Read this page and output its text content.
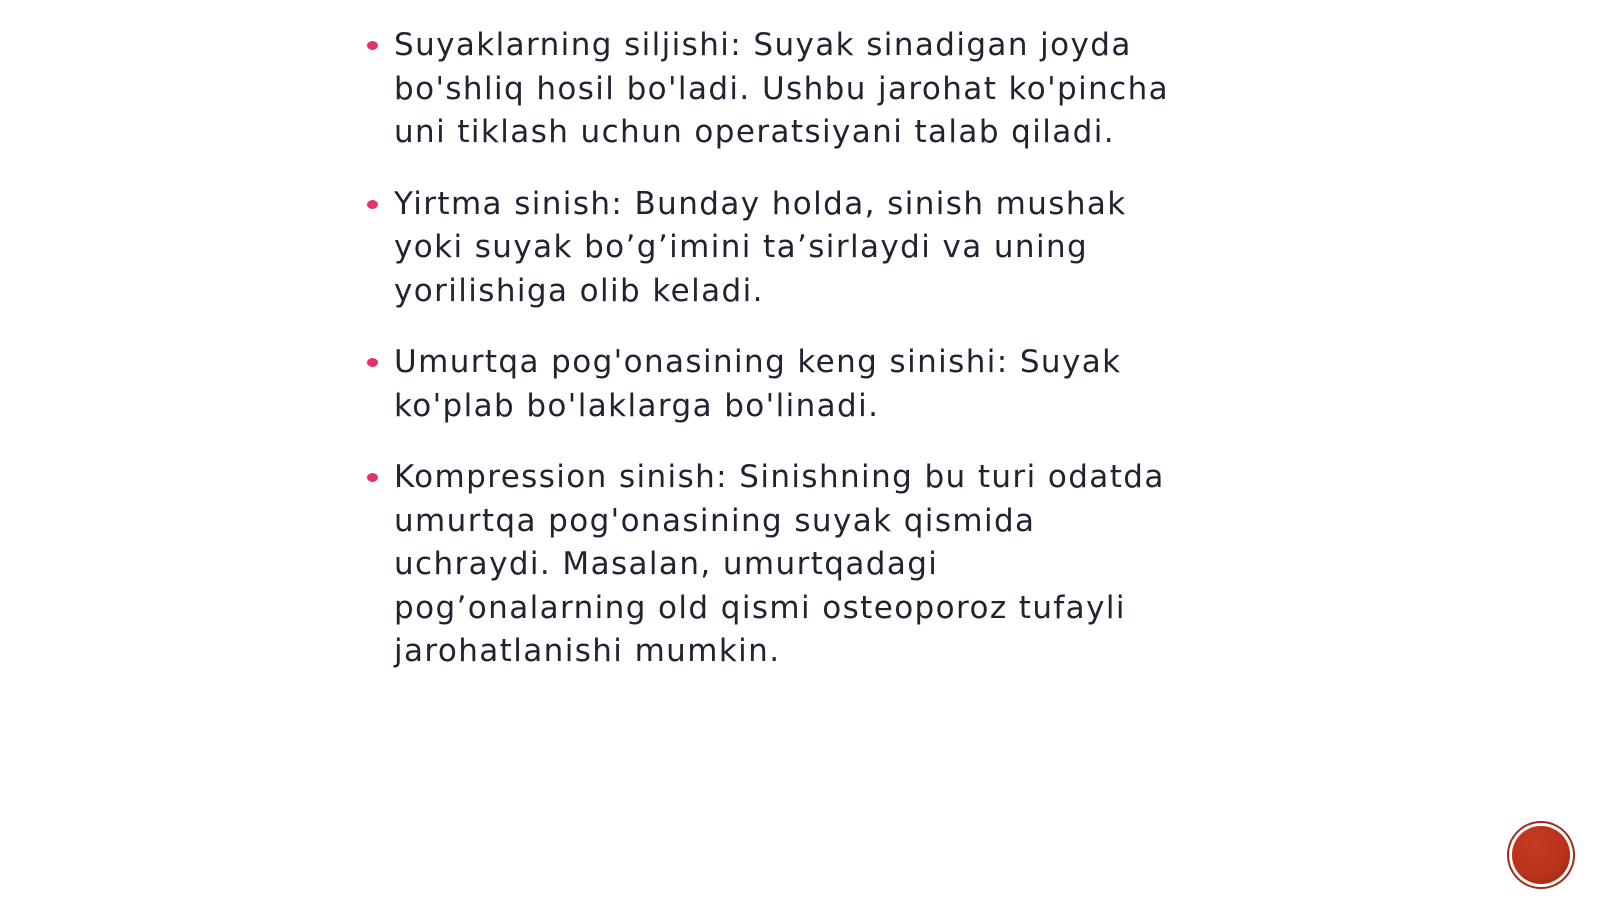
Suyaklarning siljishi: Suyak sinadigan joyda bo'shliq hosil bo'ladi. Ushbu jarohat ko'pincha uni tiklash uchun operatsiyani talab qiladi.
Yirtma sinish: Bunday holda, sinish mushak yoki suyak bo’g’imini ta’sirlaydi va uning yorilishiga olib keladi.
Umurtqa pog'onasining keng sinishi: Suyak ko'plab bo'laklarga bo'linadi.
Kompression sinish: Sinishning bu turi odatda umurtqa pog'onasining suyak qismida uchraydi. Masalan, umurtqadagi pog’onalarning old qismi osteoporoz tufayli jarohatlanishi mumkin.
